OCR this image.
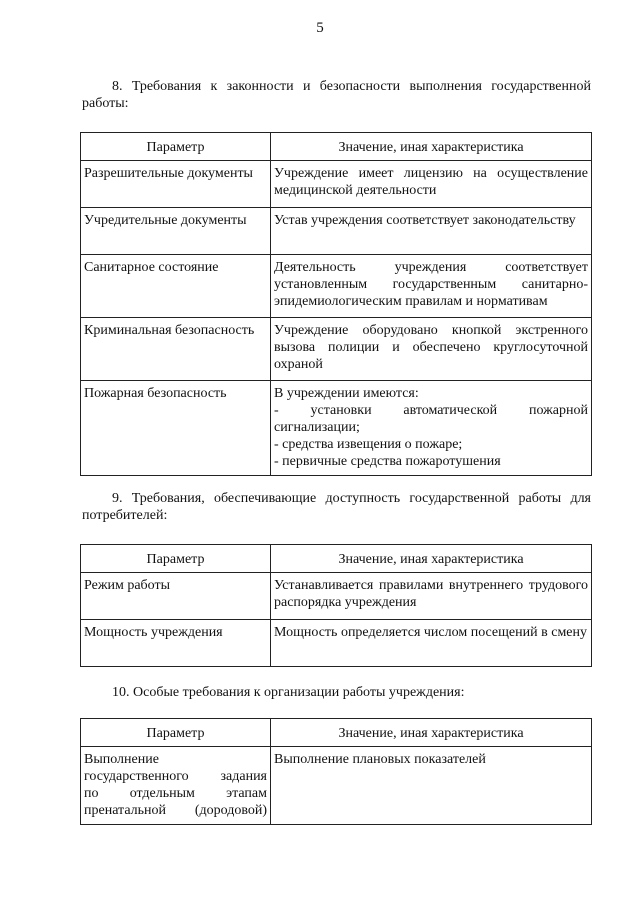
5
8. Требования к законности и безопасности выполнения государственной работы:
Параметр	Значение, иная характеристика
Разрешительные документы	Учреждение имеет лицензию на осуществление медицинской деятельности
Учредительные документы	Устав учреждения соответствует законодательству
Санитарное состояние	Деятельность учреждения соответствует установленным государственным санитарно-эпидемиологическим правилам и нормативам
Криминальная безопасность	Учреждение оборудовано кнопкой экстренного вызова полиции и обеспечено круглосуточной охраной
Пожарная безопасность	В учреждении имеются:
- установки автоматической пожарной сигнализации;
- средства извещения о пожаре;
- первичные средства пожаротушения
9. Требования, обеспечивающие доступность государственной работы для потребителей:
Параметр	Значение, иная характеристика
Режим работы	Устанавливается правилами внутреннего трудового распорядка учреждения
Мощность учреждения	Мощность определяется числом посещений в смену
10. Особые требования к организации работы учреждения:
Параметр	Значение, иная характеристика

Выполнение
государственного задания
по отдельным этапам
пренатальной (дородовой)	Выполнение плановых показателей
